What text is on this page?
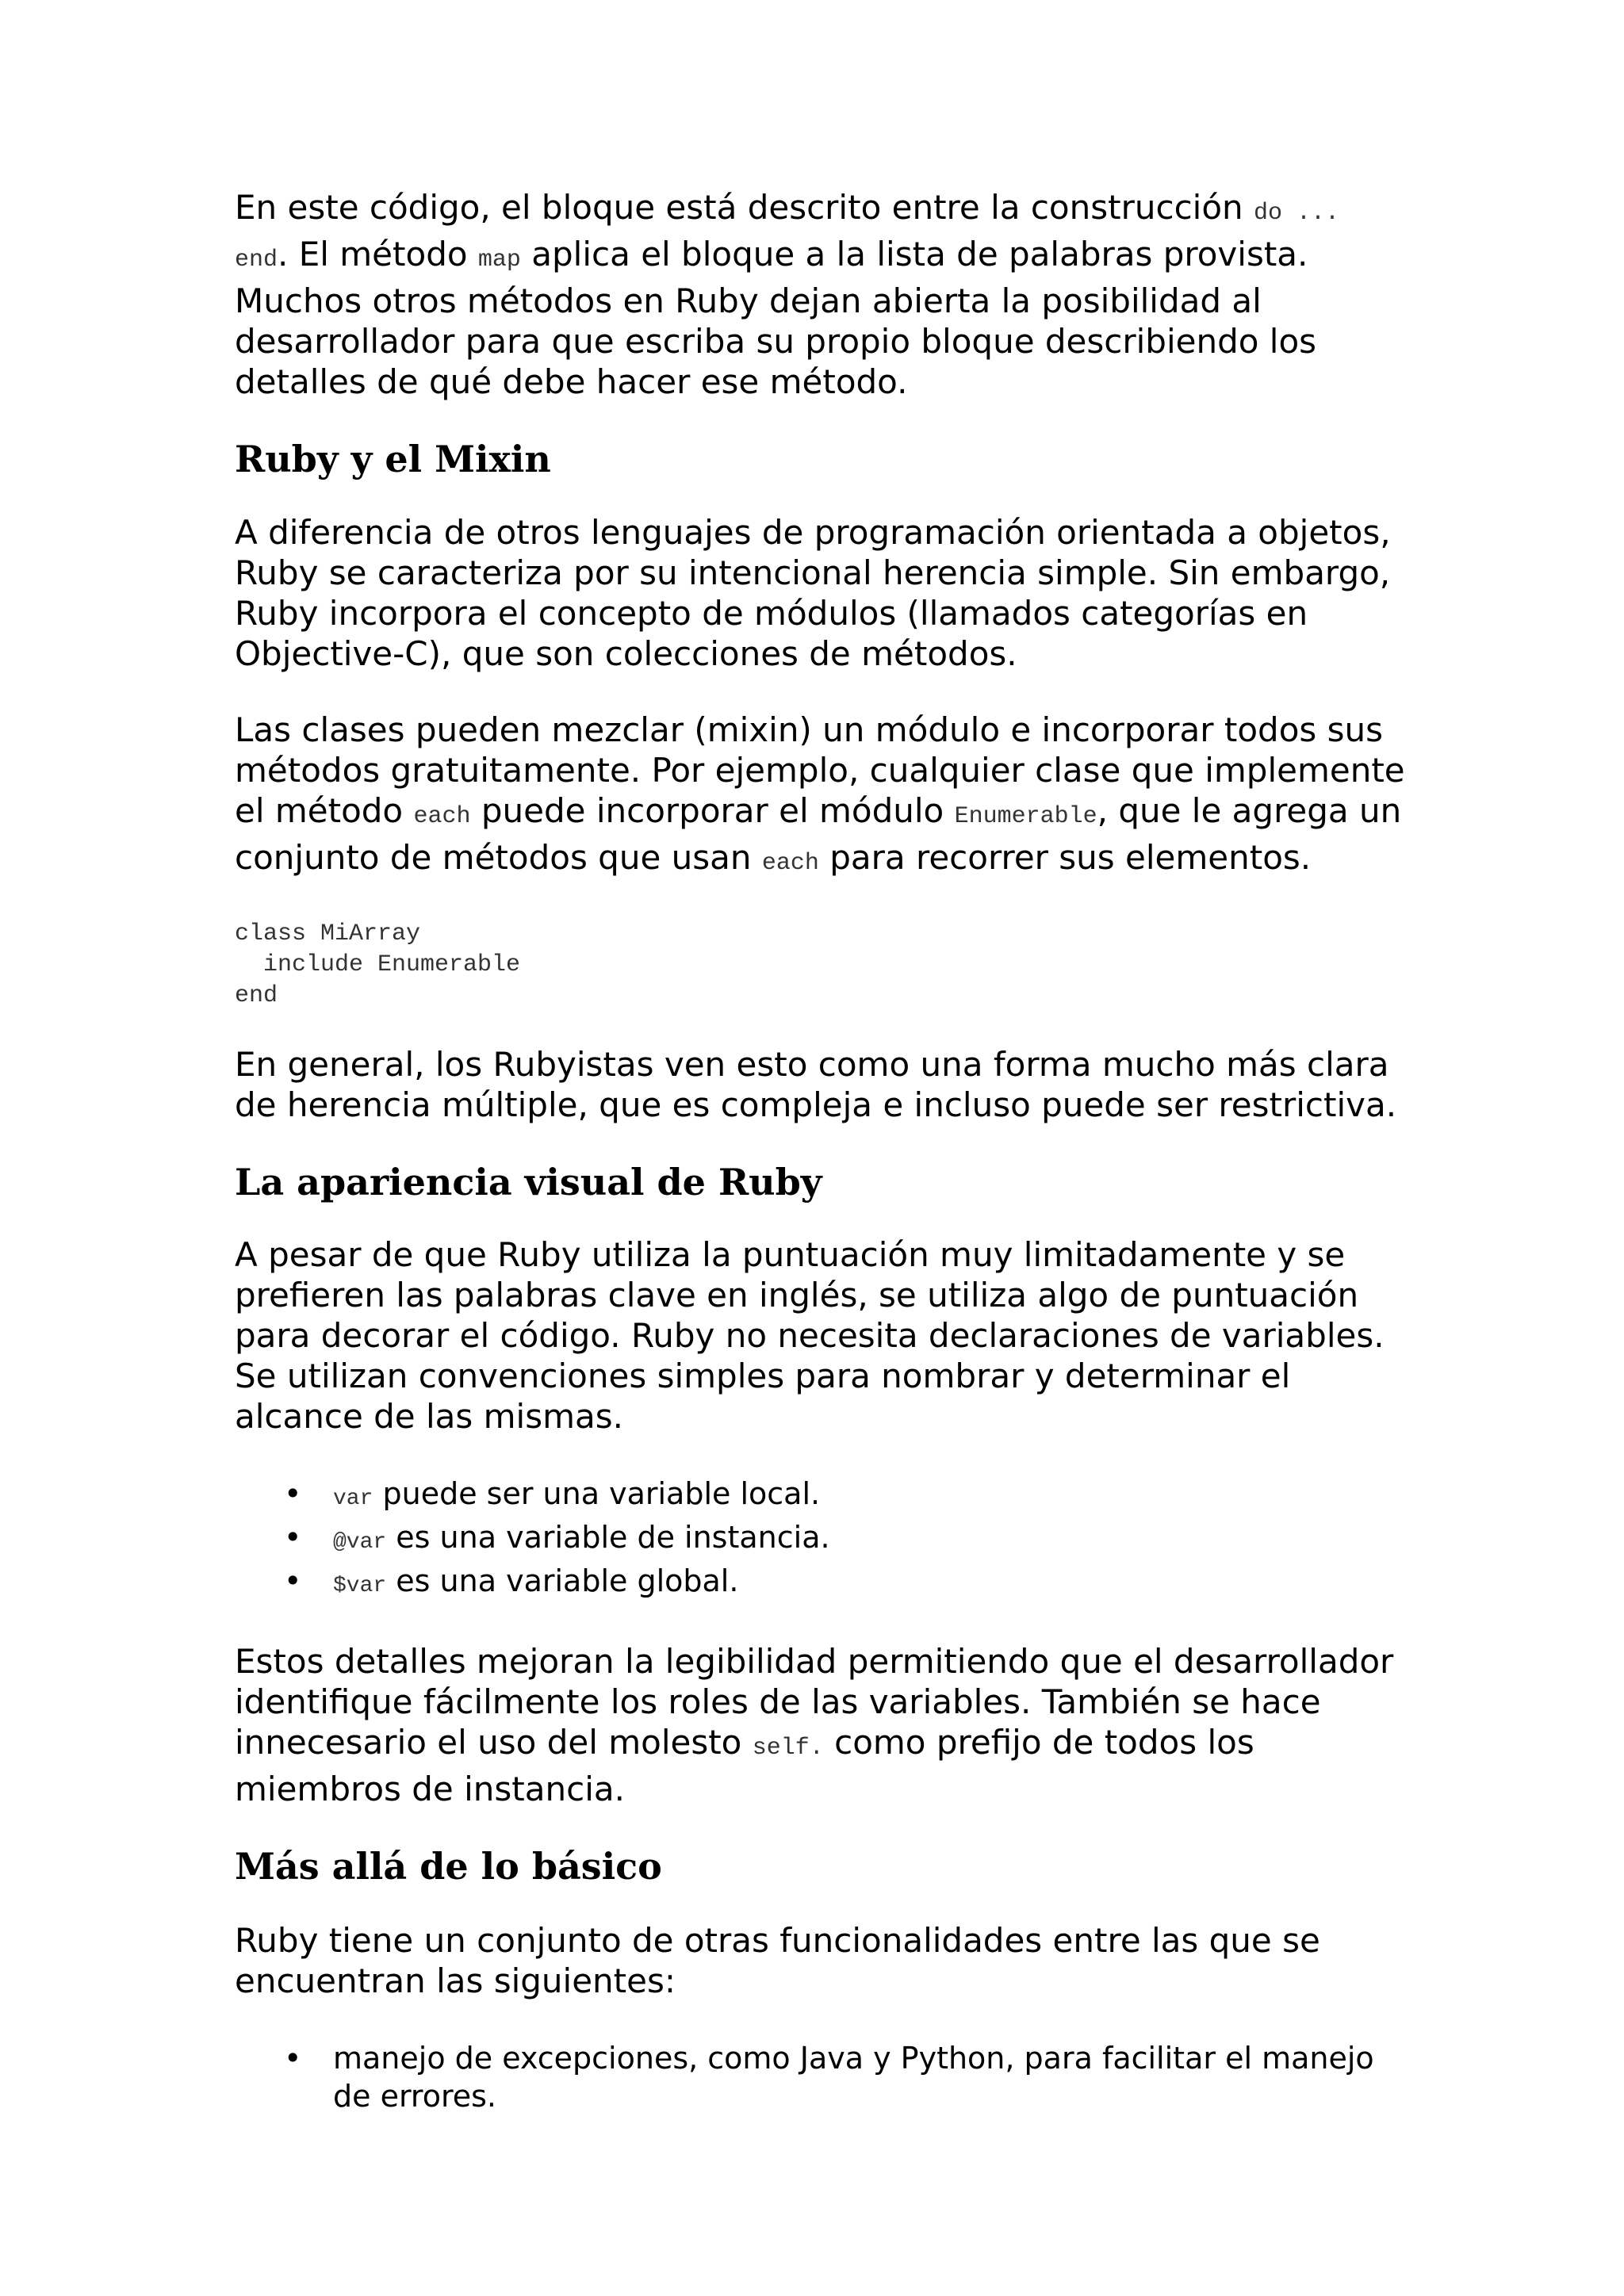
En este código, el bloque está descrito entre la construcción do ...
end. El método map aplica el bloque a la lista de palabras provista. Muchos otros métodos en Ruby dejan abierta la posibilidad al desarrollador para que escriba su propio bloque describiendo los detalles de qué debe hacer ese método.

Ruby y el Mixin

A diferencia de otros lenguajes de programación orientada a objetos, Ruby se caracteriza por su intencional herencia simple. Sin embargo, Ruby incorpora el concepto de módulos (llamados categorías en Objective-C), que son colecciones de métodos.

Las clases pueden mezclar (mixin) un módulo e incorporar todos sus métodos gratuitamente. Por ejemplo, cualquier clase que implemente el método each puede incorporar el módulo Enumerable, que le agrega un conjunto de métodos que usan each para recorrer sus elementos.

class MiArray
include Enumerable
end

En general, los Rubyistas ven esto como una forma mucho más clara de herencia múltiple, que es compleja e incluso puede ser restrictiva.

La apariencia visual de Ruby

A pesar de que Ruby utiliza la puntuación muy limitadamente y se prefieren las palabras clave en inglés, se utiliza algo de puntuación para decorar el código. Ruby no necesita declaraciones de variables. Se utilizan convenciones simples para nombrar y determinar el alcance de las mismas.

• var puede ser una variable local.
• @var es una variable de instancia.
• $var es una variable global.

Estos detalles mejoran la legibilidad permitiendo que el desarrollador identifique fácilmente los roles de las variables. También se hace innecesario el uso del molesto self. como prefijo de todos los miembros de instancia.

Más allá de lo básico

Ruby tiene un conjunto de otras funcionalidades entre las que se encuentran las siguientes:

• manejo de excepciones, como Java y Python, para facilitar el manejo de errores.
